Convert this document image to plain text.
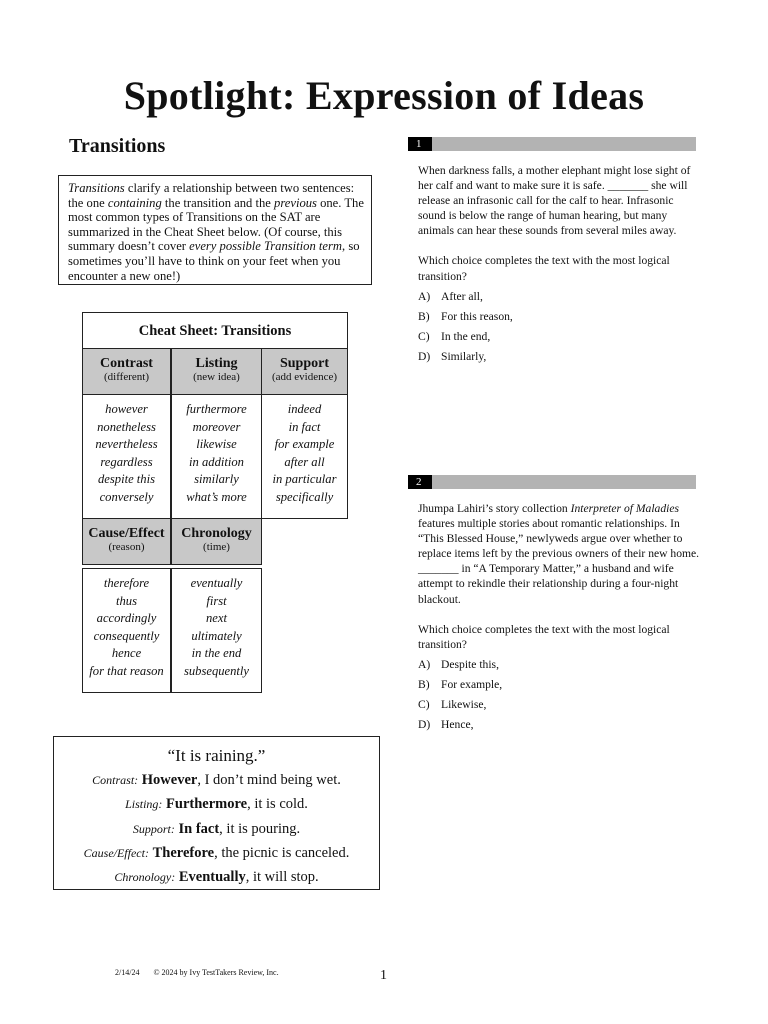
Spotlight: Expression of Ideas
Transitions

Transitions clarify a relationship between two sentences: the one containing the transition and the previous one. The most common types of Transitions on the SAT are summarized in the Cheat Sheet below. (Of course, this summary doesn’t cover every possible Transition term, so sometimes you’ll have to think on your feet when you encounter a new one!)

Cheat Sheet: Transitions
Contrast
(different)
Listing
(new idea)
Support
(add evidence)
however
nonetheless
nevertheless
regardless
despite this
conversely
furthermore
moreover
likewise
in addition
similarly
what’s more
indeed
in fact
for example
after all
in particular
specifically
Cause/Effect
(reason)
Chronology
(time)
therefore
thus
accordingly
consequently
hence
for that reason
eventually
first
next
ultimately
in the end
subsequently
“It is raining.”
Contrast: However, I don’t mind being wet.
Listing: Furthermore, it is cold.
Support: In fact, it is pouring.
Cause/Effect: Therefore, the picnic is canceled.
Chronology: Eventually, it will stop.
1

When darkness falls, a mother elephant might lose sight of her calf and want to make sure it is safe. _______ she will release an infrasonic call for the calf to hear. Infrasonic sound is below the range of human hearing, but many animals can hear these sounds from several miles away.

Which choice completes the text with the most logical transition?

A) After all,
B) For this reason,
C) In the end,
D) Similarly,
2

Jhumpa Lahiri’s story collection Interpreter of Maladies features multiple stories about romantic relationships. In “This Blessed House,” newlyweds argue over whether to replace items left by the previous owners of their new home. _______ in “A Temporary Matter,” a husband and wife attempt to rekindle their relationship during a four-night blackout.

Which choice completes the text with the most logical transition?

A) Despite this,
B) For example,
C) Likewise,
D) Hence,
2/14/24 © 2024 by Ivy TestTakers Review, Inc.	1
